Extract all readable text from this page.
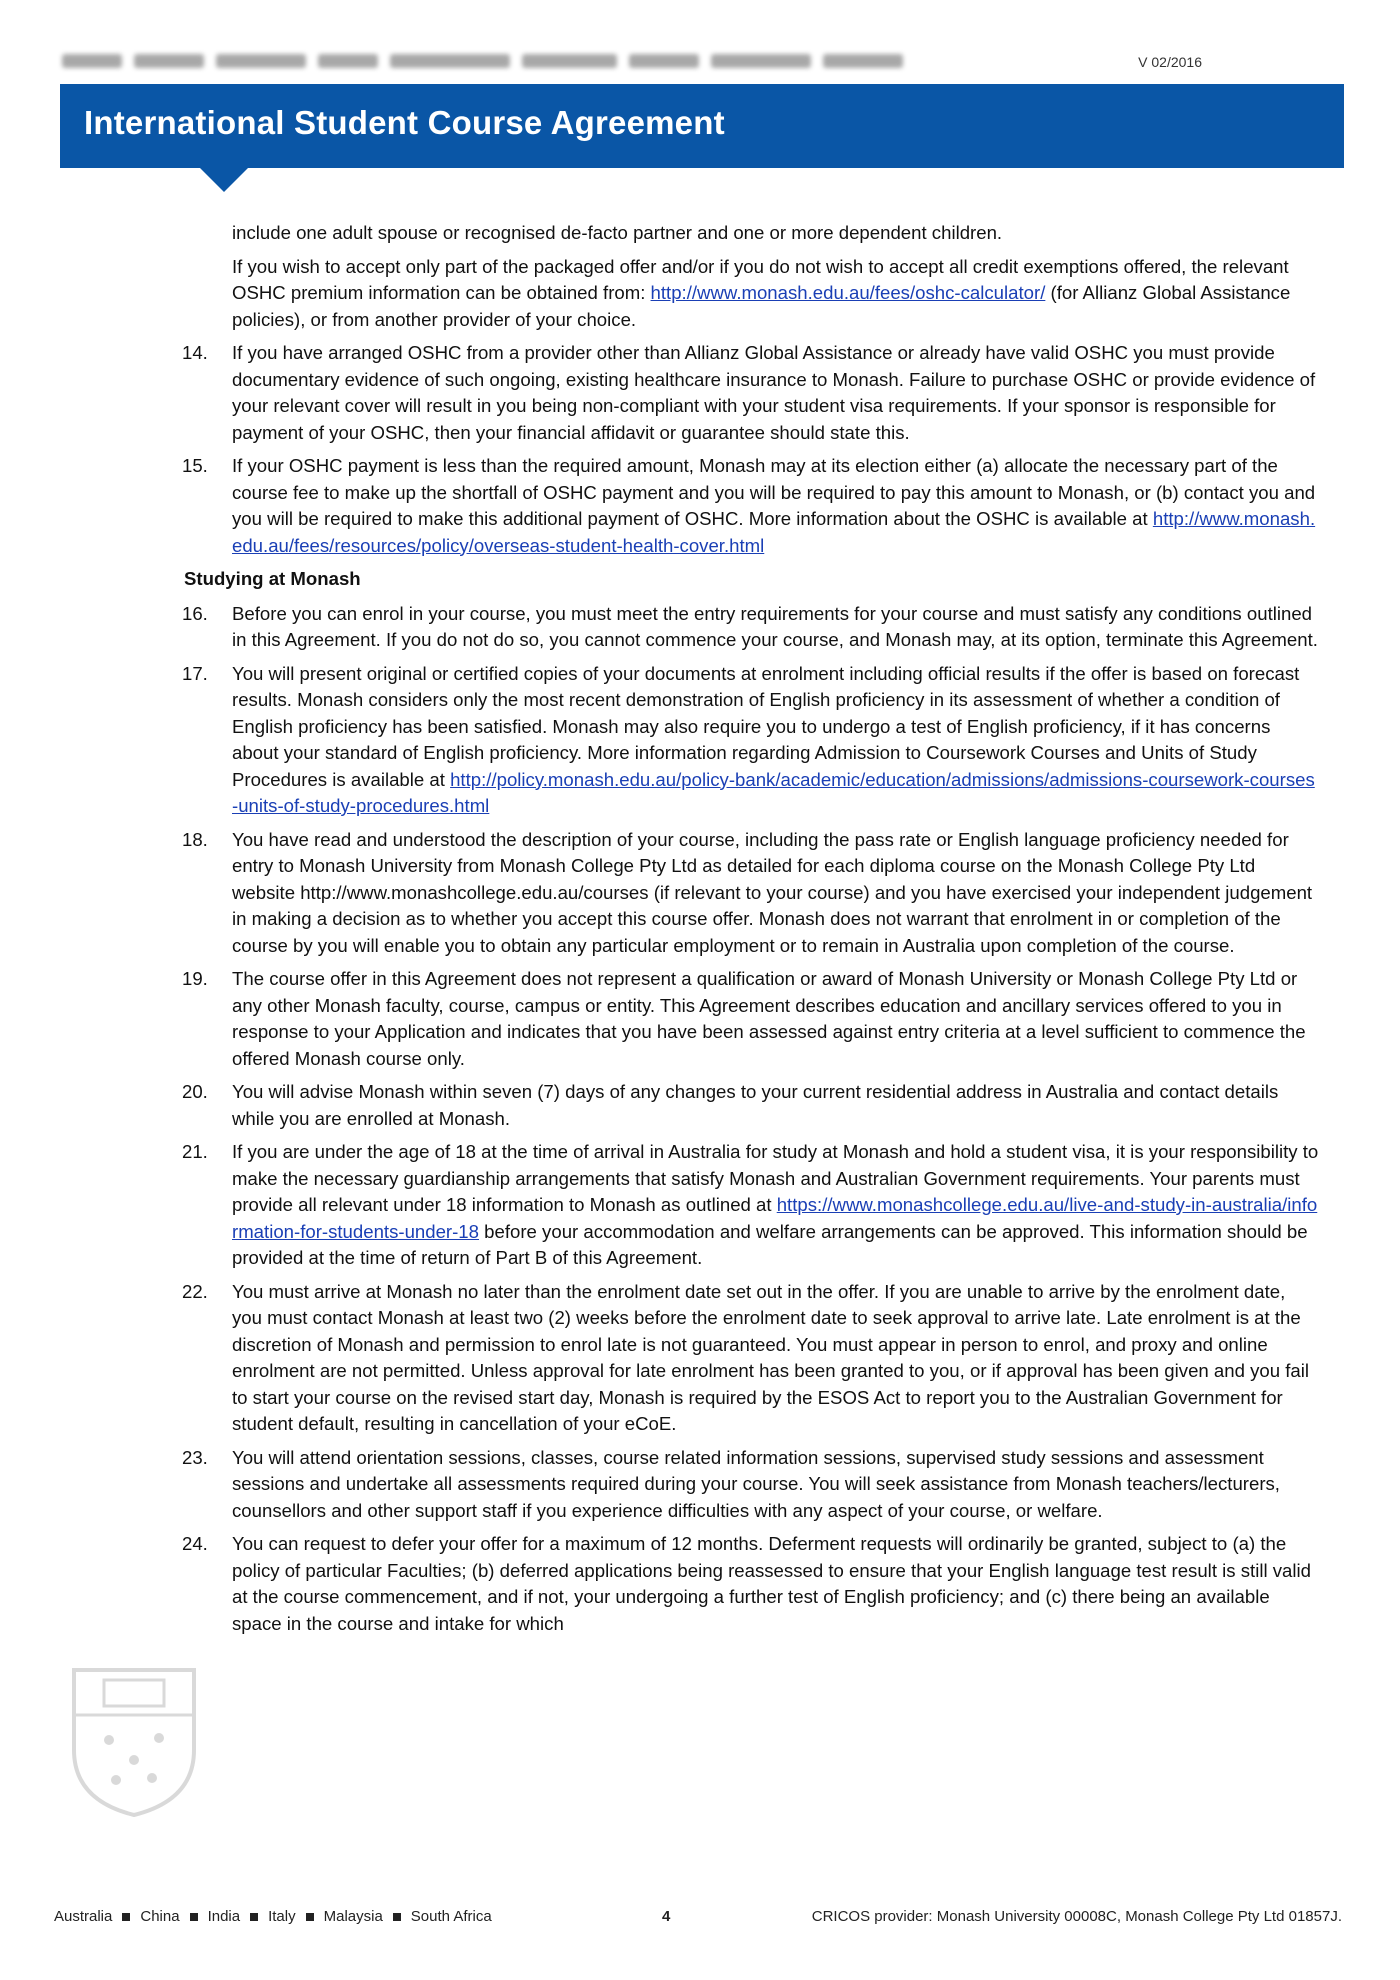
V 02/2016
International Student Course Agreement

include one adult spouse or recognised de-facto partner and one or more dependent children.

If you wish to accept only part of the packaged offer and/or if you do not wish to accept all credit exemptions offered, the relevant OSHC premium information can be obtained from: http://www.monash.edu.au/fees/oshc-calculator/ (for Allianz Global Assistance policies), or from another provider of your choice.

14.	If you have arranged OSHC from a provider other than Allianz Global Assistance or already have valid OSHC you must provide documentary evidence of such ongoing, existing healthcare insurance to Monash. Failure to purchase OSHC or provide evidence of your relevant cover will result in you being non-compliant with your student visa requirements. If your sponsor is responsible for payment of your OSHC, then your financial affidavit or guarantee should state this.
15.	If your OSHC payment is less than the required amount, Monash may at its election either (a) allocate the necessary part of the course fee to make up the shortfall of OSHC payment and you will be required to pay this amount to Monash, or (b) contact you and you will be required to make this additional payment of OSHC. More information about the OSHC is available at http://www.monash.edu.au/fees/resources/policy/overseas-student-health-cover.html
Studying at Monash
16.	Before you can enrol in your course, you must meet the entry requirements for your course and must satisfy any conditions outlined in this Agreement. If you do not do so, you cannot commence your course, and Monash may, at its option, terminate this Agreement.
17.	You will present original or certified copies of your documents at enrolment including official results if the offer is based on forecast results. Monash considers only the most recent demonstration of English proficiency in its assessment of whether a condition of English proficiency has been satisfied. Monash may also require you to undergo a test of English proficiency, if it has concerns about your standard of English proficiency. More information regarding Admission to Coursework Courses and Units of Study Procedures is available at http://policy.monash.edu.au/policy-bank/academic/education/admissions/admissions-coursework-courses-units-of-study-procedures.html
18.	You have read and understood the description of your course, including the pass rate or English language proficiency needed for entry to Monash University from Monash College Pty Ltd as detailed for each diploma course on the Monash College Pty Ltd website http://www.monashcollege.edu.au/courses (if relevant to your course) and you have exercised your independent judgement in making a decision as to whether you accept this course offer. Monash does not warrant that enrolment in or completion of the course by you will enable you to obtain any particular employment or to remain in Australia upon completion of the course.
19.	The course offer in this Agreement does not represent a qualification or award of Monash University or Monash College Pty Ltd or any other Monash faculty, course, campus or entity. This Agreement describes education and ancillary services offered to you in response to your Application and indicates that you have been assessed against entry criteria at a level sufficient to commence the offered Monash course only.
20.	You will advise Monash within seven (7) days of any changes to your current residential address in Australia and contact details while you are enrolled at Monash.
21.	If you are under the age of 18 at the time of arrival in Australia for study at Monash and hold a student visa, it is your responsibility to make the necessary guardianship arrangements that satisfy Monash and Australian Government requirements. Your parents must provide all relevant under 18 information to Monash as outlined at https://www.monashcollege.edu.au/live-and-study-in-australia/information-for-students-under-18 before your accommodation and welfare arrangements can be approved. This information should be provided at the time of return of Part B of this Agreement.
22.	You must arrive at Monash no later than the enrolment date set out in the offer. If you are unable to arrive by the enrolment date, you must contact Monash at least two (2) weeks before the enrolment date to seek approval to arrive late. Late enrolment is at the discretion of Monash and permission to enrol late is not guaranteed. You must appear in person to enrol, and proxy and online enrolment are not permitted. Unless approval for late enrolment has been granted to you, or if approval has been given and you fail to start your course on the revised start day, Monash is required by the ESOS Act to report you to the Australian Government for student default, resulting in cancellation of your eCoE.
23.	You will attend orientation sessions, classes, course related information sessions, supervised study sessions and assessment sessions and undertake all assessments required during your course. You will seek assistance from Monash teachers/lecturers, counsellors and other support staff if you experience difficulties with any aspect of your course, or welfare.
24.	You can request to defer your offer for a maximum of 12 months. Deferment requests will ordinarily be granted, subject to (a) the policy of particular Faculties; (b) deferred applications being reassessed to ensure that your English language test result is still valid at the course commencement, and if not, your undergoing a further test of English proficiency; and (c) there being an available space in the course and intake for which
Australia China India Italy Malaysia South Africa	4	CRICOS provider: Monash University 00008C, Monash College Pty Ltd 01857J.
